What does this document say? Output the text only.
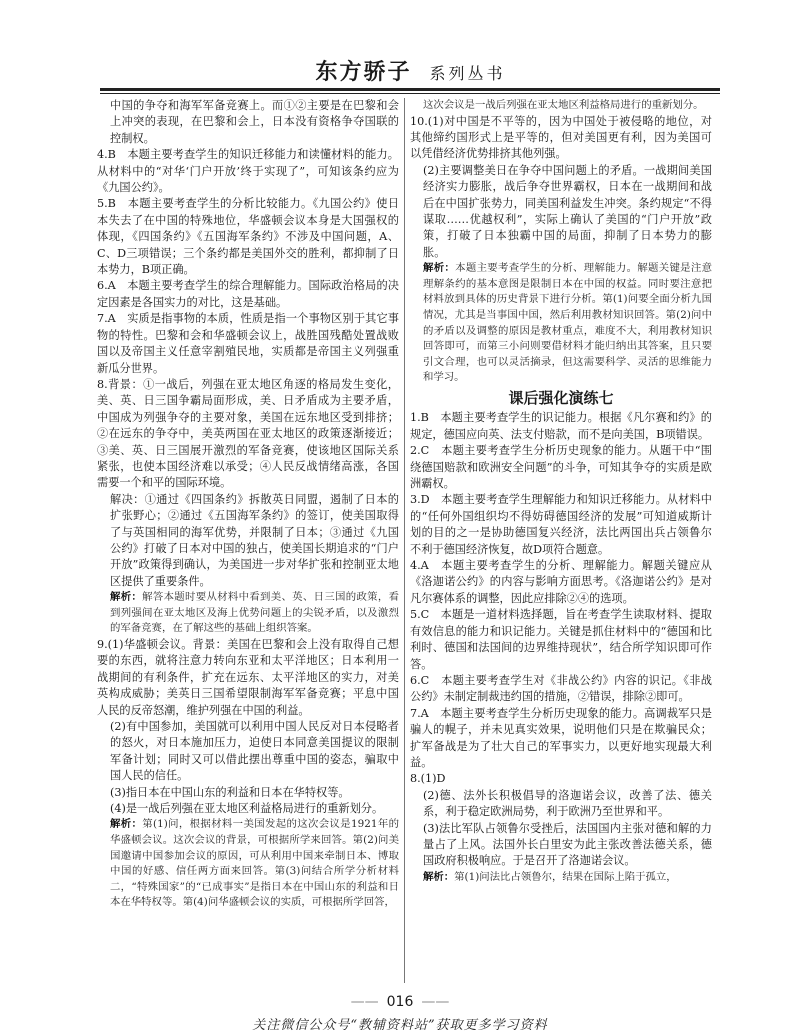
东方骄子 系列丛书

中国的争夺和海军军备竞赛上。而①②主要是在巴黎和会上冲突的表现，在巴黎和会上，日本没有资格争夺国联的控制权。

4.B　本题主要考查学生的知识迁移能力和读懂材料的能力。从材料中的“对华‘门户开放’终于实现了”，可知该条约应为《九国公约》。

5.B　本题主要考查学生的分析比较能力。《九国公约》使日本失去了在中国的特殊地位，华盛顿会议本身是大国强权的体现，《四国条约》《五国海军条约》不涉及中国问题，A、C、D三项错误；三个条约都是美国外交的胜利，都抑制了日本势力，B项正确。

6.A　本题主要考查学生的综合理解能力。国际政治格局的决定因素是各国实力的对比，这是基础。

7.A　实质是指事物的本质，性质是指一个事物区别于其它事物的特性。巴黎和会和华盛顿会议上，战胜国残酷处置战败国以及帝国主义任意宰割殖民地，实质都是帝国主义列强重新瓜分世界。

8.背景：①一战后，列强在亚太地区角逐的格局发生变化，美、英、日三国争霸局面形成，美、日矛盾成为主要矛盾，中国成为列强争夺的主要对象，美国在远东地区受到排挤；②在远东的争夺中，美英两国在亚太地区的政策逐渐接近；③美、英、日三国展开激烈的军备竞赛，使该地区国际关系紧张，也使本国经济难以承受；④人民反战情绪高涨，各国需要一个和平的国际环境。

解决：①通过《四国条约》拆散英日同盟，遏制了日本的扩张野心；②通过《五国海军条约》的签订，使美国取得了与英国相同的海军优势，并限制了日本；③通过《九国公约》打破了日本对中国的独占，使美国长期追求的“门户开放”政策得到确认，为美国进一步对华扩张和控制亚太地区提供了重要条件。

解析：解答本题时要从材料中看到美、英、日三国的政策，看到列强间在亚太地区及海上优势问题上的尖锐矛盾，以及激烈的军备竞赛，在了解这些的基础上组织答案。

9.(1)华盛顿会议。背景：美国在巴黎和会上没有取得自己想要的东西，就将注意力转向东亚和太平洋地区；日本利用一战期间的有利条件，扩充在远东、太平洋地区的实力，对美英构成威胁；美英日三国希望限制海军军备竞赛；平息中国人民的反帝怒潮，维护列强在中国的利益。

(2)有中国参加，美国就可以利用中国人民反对日本侵略者的怒火，对日本施加压力，迫使日本同意美国提议的限制军备计划；同时又可以借此摆出尊重中国的姿态，骗取中国人民的信任。

(3)指日本在中国山东的利益和日本在华特权等。

(4)是一战后列强在亚太地区利益格局进行的重新划分。

解析：第(1)问，根据材料一美国发起的这次会议是1921年的华盛顿会议。这次会议的背景，可根据所学来回答。第(2)问美国邀请中国参加会议的原因，可从利用中国来牵制日本、博取中国的好感、信任两方面来回答。第(3)问结合所学分析材料二，“特殊国家”的“已成事实”是指日本在中国山东的利益和日本在华特权等。第(4)问华盛顿会议的实质，可根据所学回答，

这次会议是一战后列强在亚太地区利益格局进行的重新划分。

10.(1)对中国是不平等的，因为中国处于被侵略的地位，对其他缔约国形式上是平等的，但对美国更有利，因为美国可以凭借经济优势排挤其他列强。

(2)主要调整美日在争夺中国问题上的矛盾。一战期间美国经济实力膨胀，战后争夺世界霸权，日本在一战期间和战后在中国扩张势力，同美国利益发生冲突。条约规定“不得谋取……优越权利”，实际上确认了美国的“门户开放”政策，打破了日本独霸中国的局面，抑制了日本势力的膨胀。

解析：本题主要考查学生的分析、理解能力。解题关键是注意理解条约的基本意图是限制日本在中国的权益。同时要注意把材料放到具体的历史背景下进行分析。第(1)问要全面分析九国情况，尤其是当事国中国，然后利用教材知识回答。第(2)问中的矛盾以及调整的原因是教材重点，难度不大，利用教材知识回答即可，而第三小问则要借材料才能归纳出其答案，且只要引文合理，也可以灵活摘录，但这需要科学、灵活的思维能力和学习。

课后强化演练七

1.B　本题主要考查学生的识记能力。根据《凡尔赛和约》的规定，德国应向英、法支付赔款，而不是向美国，B项错误。

2.C　本题主要考查学生分析历史现象的能力。从题干中“围绕德国赔款和欧洲安全问题”的斗争，可知其争夺的实质是欧洲霸权。

3.D　本题主要考查学生理解能力和知识迁移能力。从材料中的“任何外国组织均不得妨碍德国经济的发展”可知道威斯计划的目的之一是协助德国复兴经济，法比两国出兵占领鲁尔不利于德国经济恢复，故D项符合题意。

4.A　本题主要考查学生的分析、理解能力。解题关键应从《洛迦诺公约》的内容与影响方面思考。《洛迦诺公约》是对凡尔赛体系的调整，因此应排除②④的选项。

5.C　本题是一道材料选择题，旨在考查学生读取材料、提取有效信息的能力和识记能力。关键是抓住材料中的“德国和比利时、德国和法国间的边界维持现状”，结合所学知识即可作答。

6.C　本题主要考查学生对《非战公约》内容的识记。《非战公约》未制定制裁违约国的措施，②错误，排除②即可。

7.A　本题主要考查学生分析历史现象的能力。高调裁军只是骗人的幌子，并未见真实效果，说明他们只是在欺骗民众；扩军备战是为了壮大自己的军事实力，以更好地实现最大利益。

8.(1)D

(2)德、法外长积极倡导的洛迦诺会议，改善了法、德关系，利于稳定欧洲局势，利于欧洲乃至世界和平。

(3)法比军队占领鲁尔受挫后，法国国内主张对德和解的力量占了上风。法国外长白里安为此主张改善法德关系，德国政府积极响应。于是召开了洛迦诺会议。

解析：第(1)问法比占领鲁尔，结果在国际上陷于孤立，

—— 016 ——
关注微信公众号“教辅资料站”获取更多学习资料
